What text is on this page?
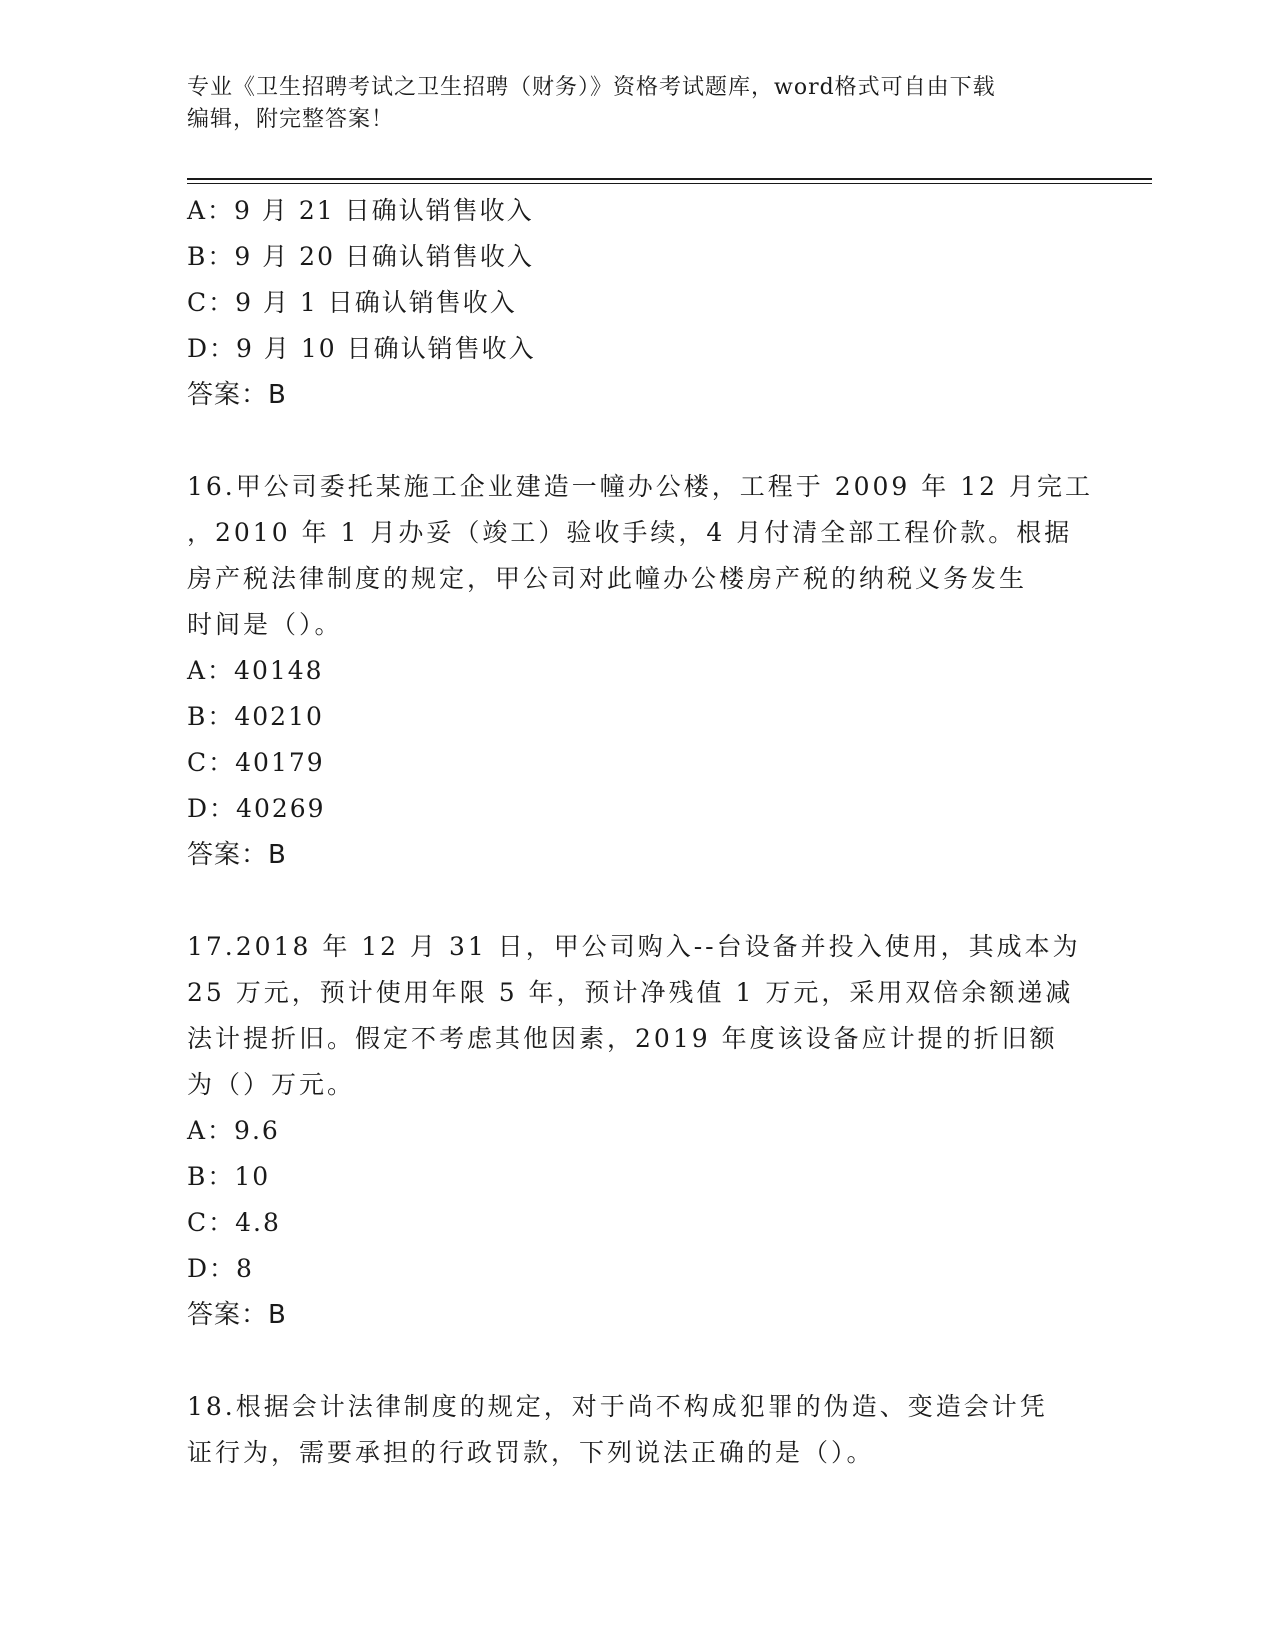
专业《卫生招聘考试之卫生招聘（财务）》资格考试题库，word格式可自由下载
编辑，附完整答案！
A：9 月 21 日确认销售收入
B：9 月 20 日确认销售收入
C：9 月 1 日确认销售收入
D：9 月 10 日确认销售收入
答案：B
16.甲公司委托某施工企业建造一幢办公楼，工程于 2009 年 12 月完工
，2010 年 1 月办妥（竣工）验收手续，4 月付清全部工程价款。根据
房产税法律制度的规定，甲公司对此幢办公楼房产税的纳税义务发生
时间是（）。
A：40148
B：40210
C：40179
D：40269
答案：B
17.2018 年 12 月 31 日，甲公司购入--台设备并投入使用，其成本为
25 万元，预计使用年限 5 年，预计净残值 1 万元，采用双倍余额递减
法计提折旧。假定不考虑其他因素，2019 年度该设备应计提的折旧额
为（）万元。
A：9.6
B：10
C：4.8
D：8
答案：B
18.根据会计法律制度的规定，对于尚不构成犯罪的伪造、变造会计凭
证行为，需要承担的行政罚款，下列说法正确的是（）。
